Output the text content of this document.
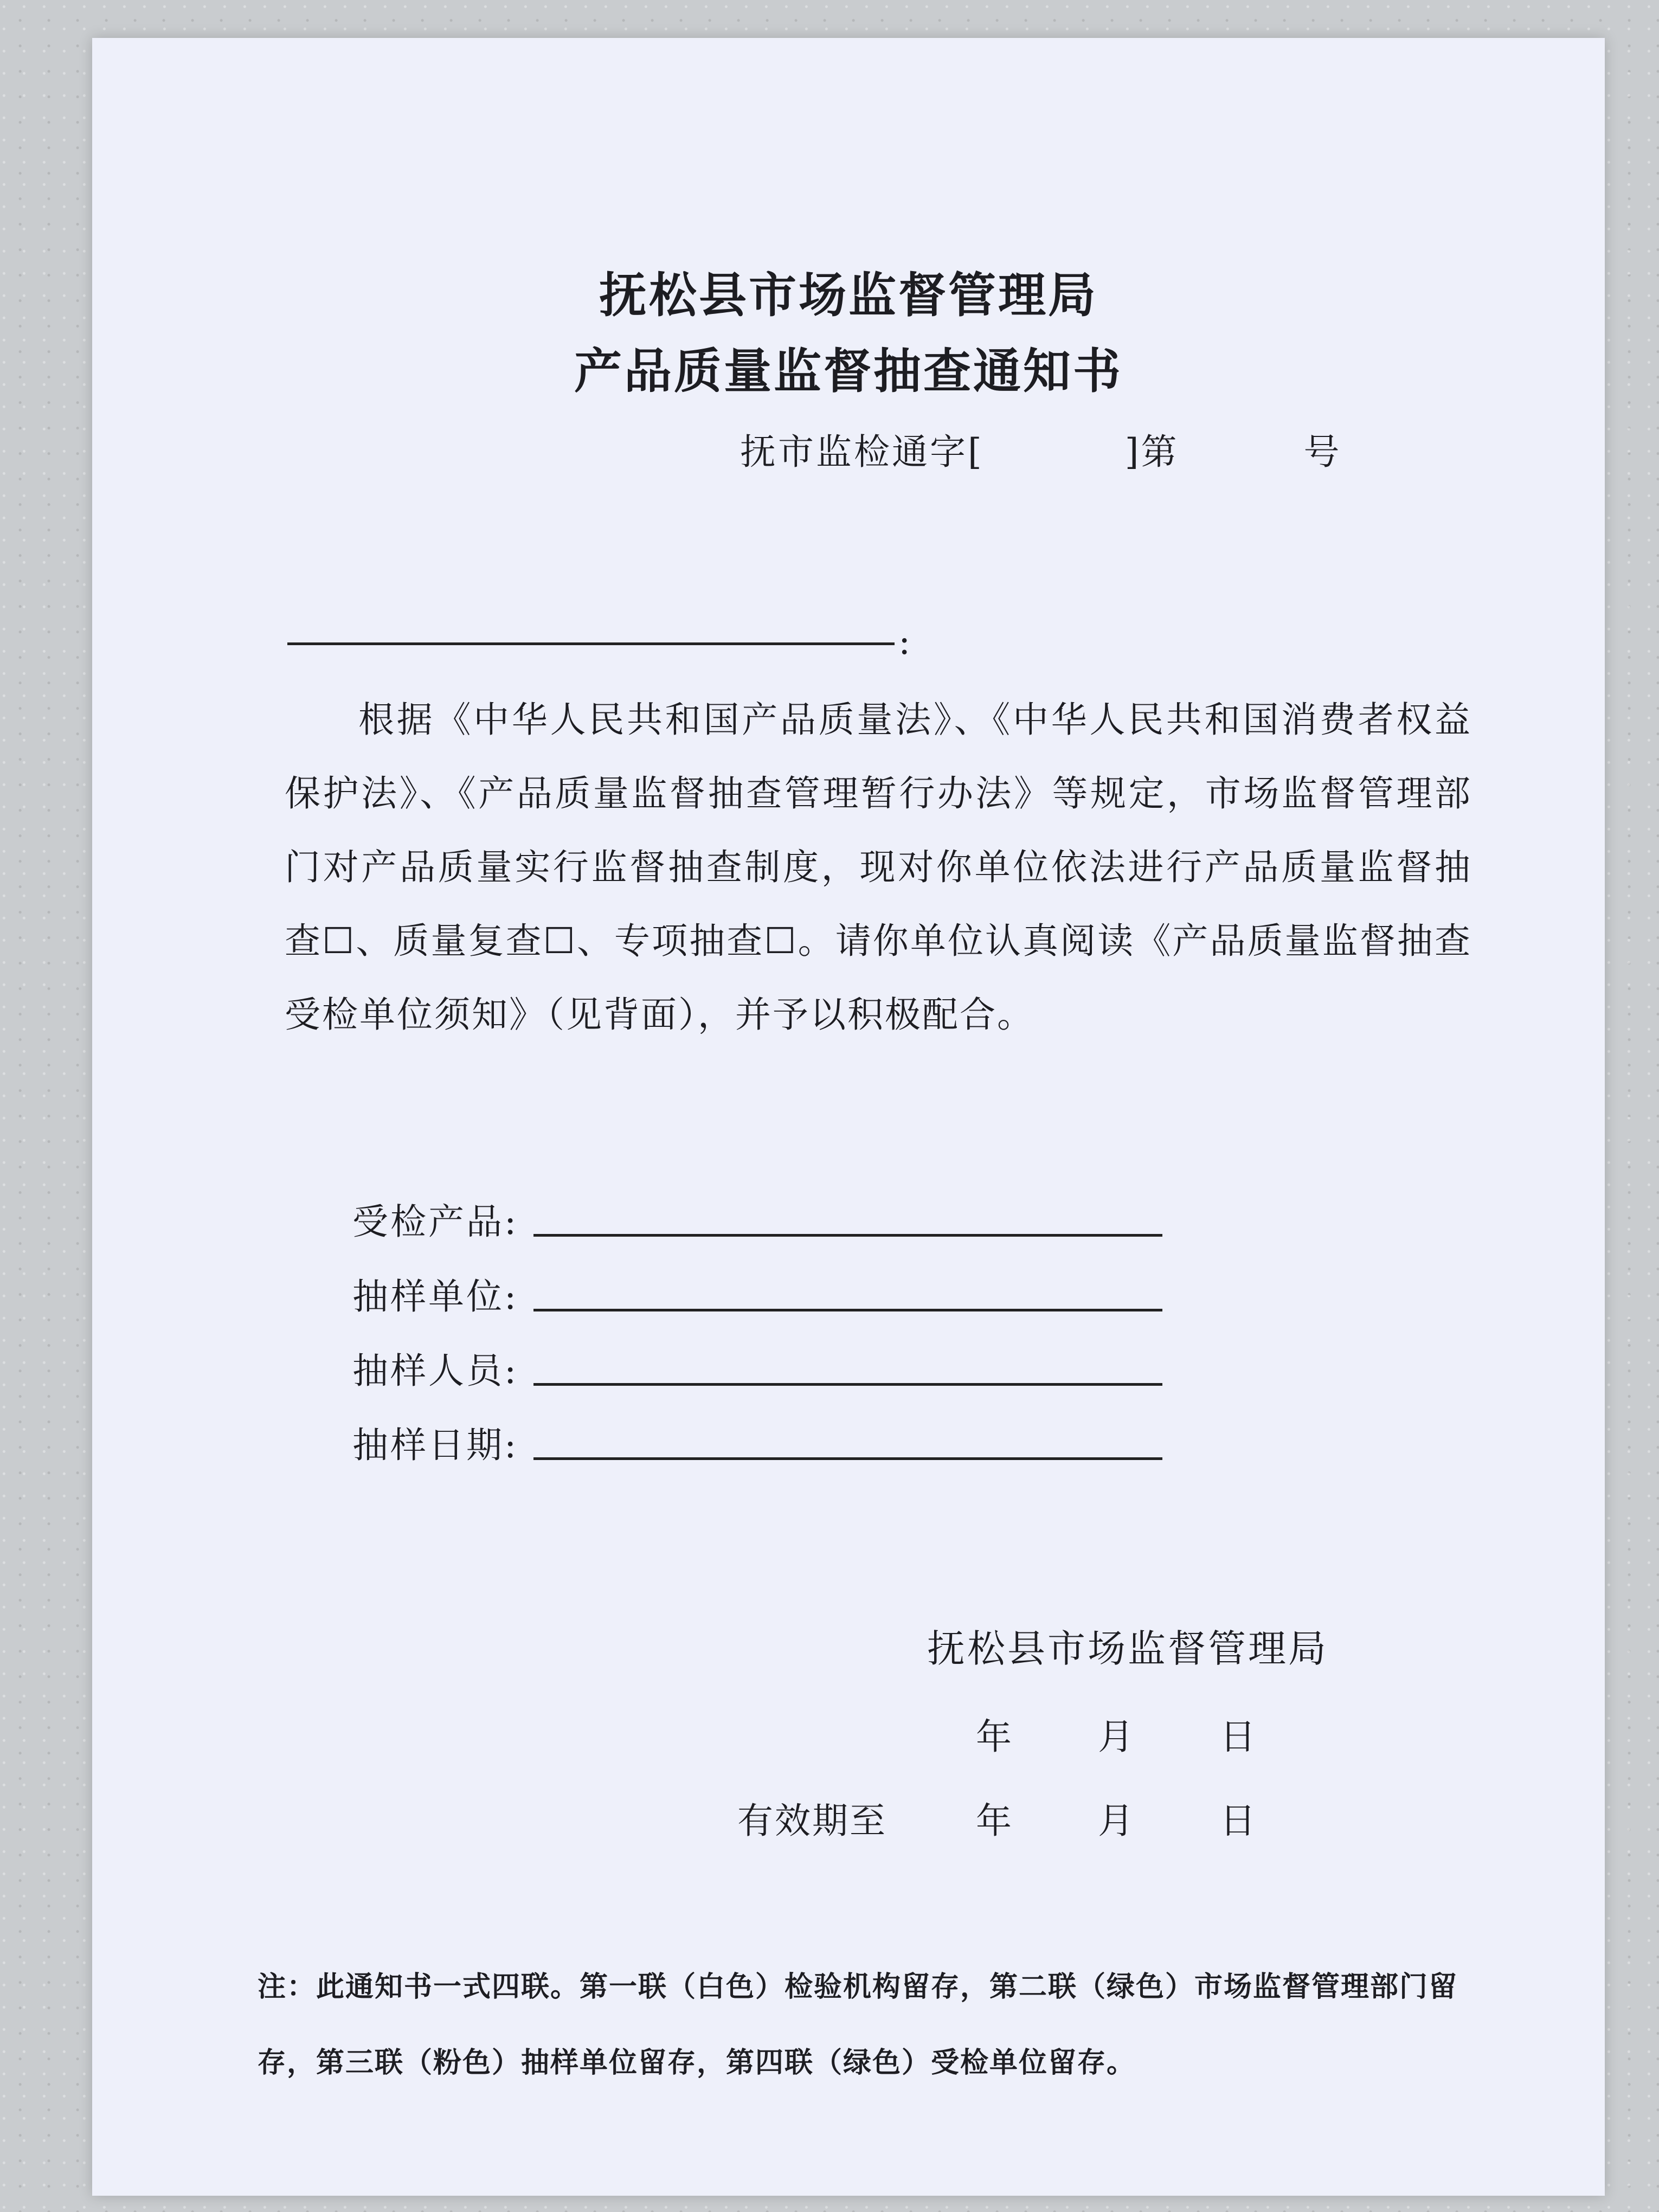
抚松县市场监督管理局
产品质量监督抽查通知书
抚市监检通字[	]第	号
:
根据《中华人民共和国产品质量法》、《中华人民共和国消费者权益保护法》、《产品质量监督抽查管理暂行办法》等规定，市场监督管理部门对产品质量实行监督抽查制度，现对你单位依法进行产品质量监督抽查☐、质量复查☐、专项抽查☐。请你单位认真阅读《产品质量监督抽查受检单位须知》（见背面），并予以积极配合。
受检产品:
抽样单位:
抽样人员:
抽样日期:
抚松县市场监督管理局
年 月 日
有效期至 年 月 日
注：此通知书一式四联。第一联（白色）检验机构留存，第二联（绿色）市场监督管理部门留存，第三联（粉色）抽样单位留存，第四联（绿色）受检单位留存。
